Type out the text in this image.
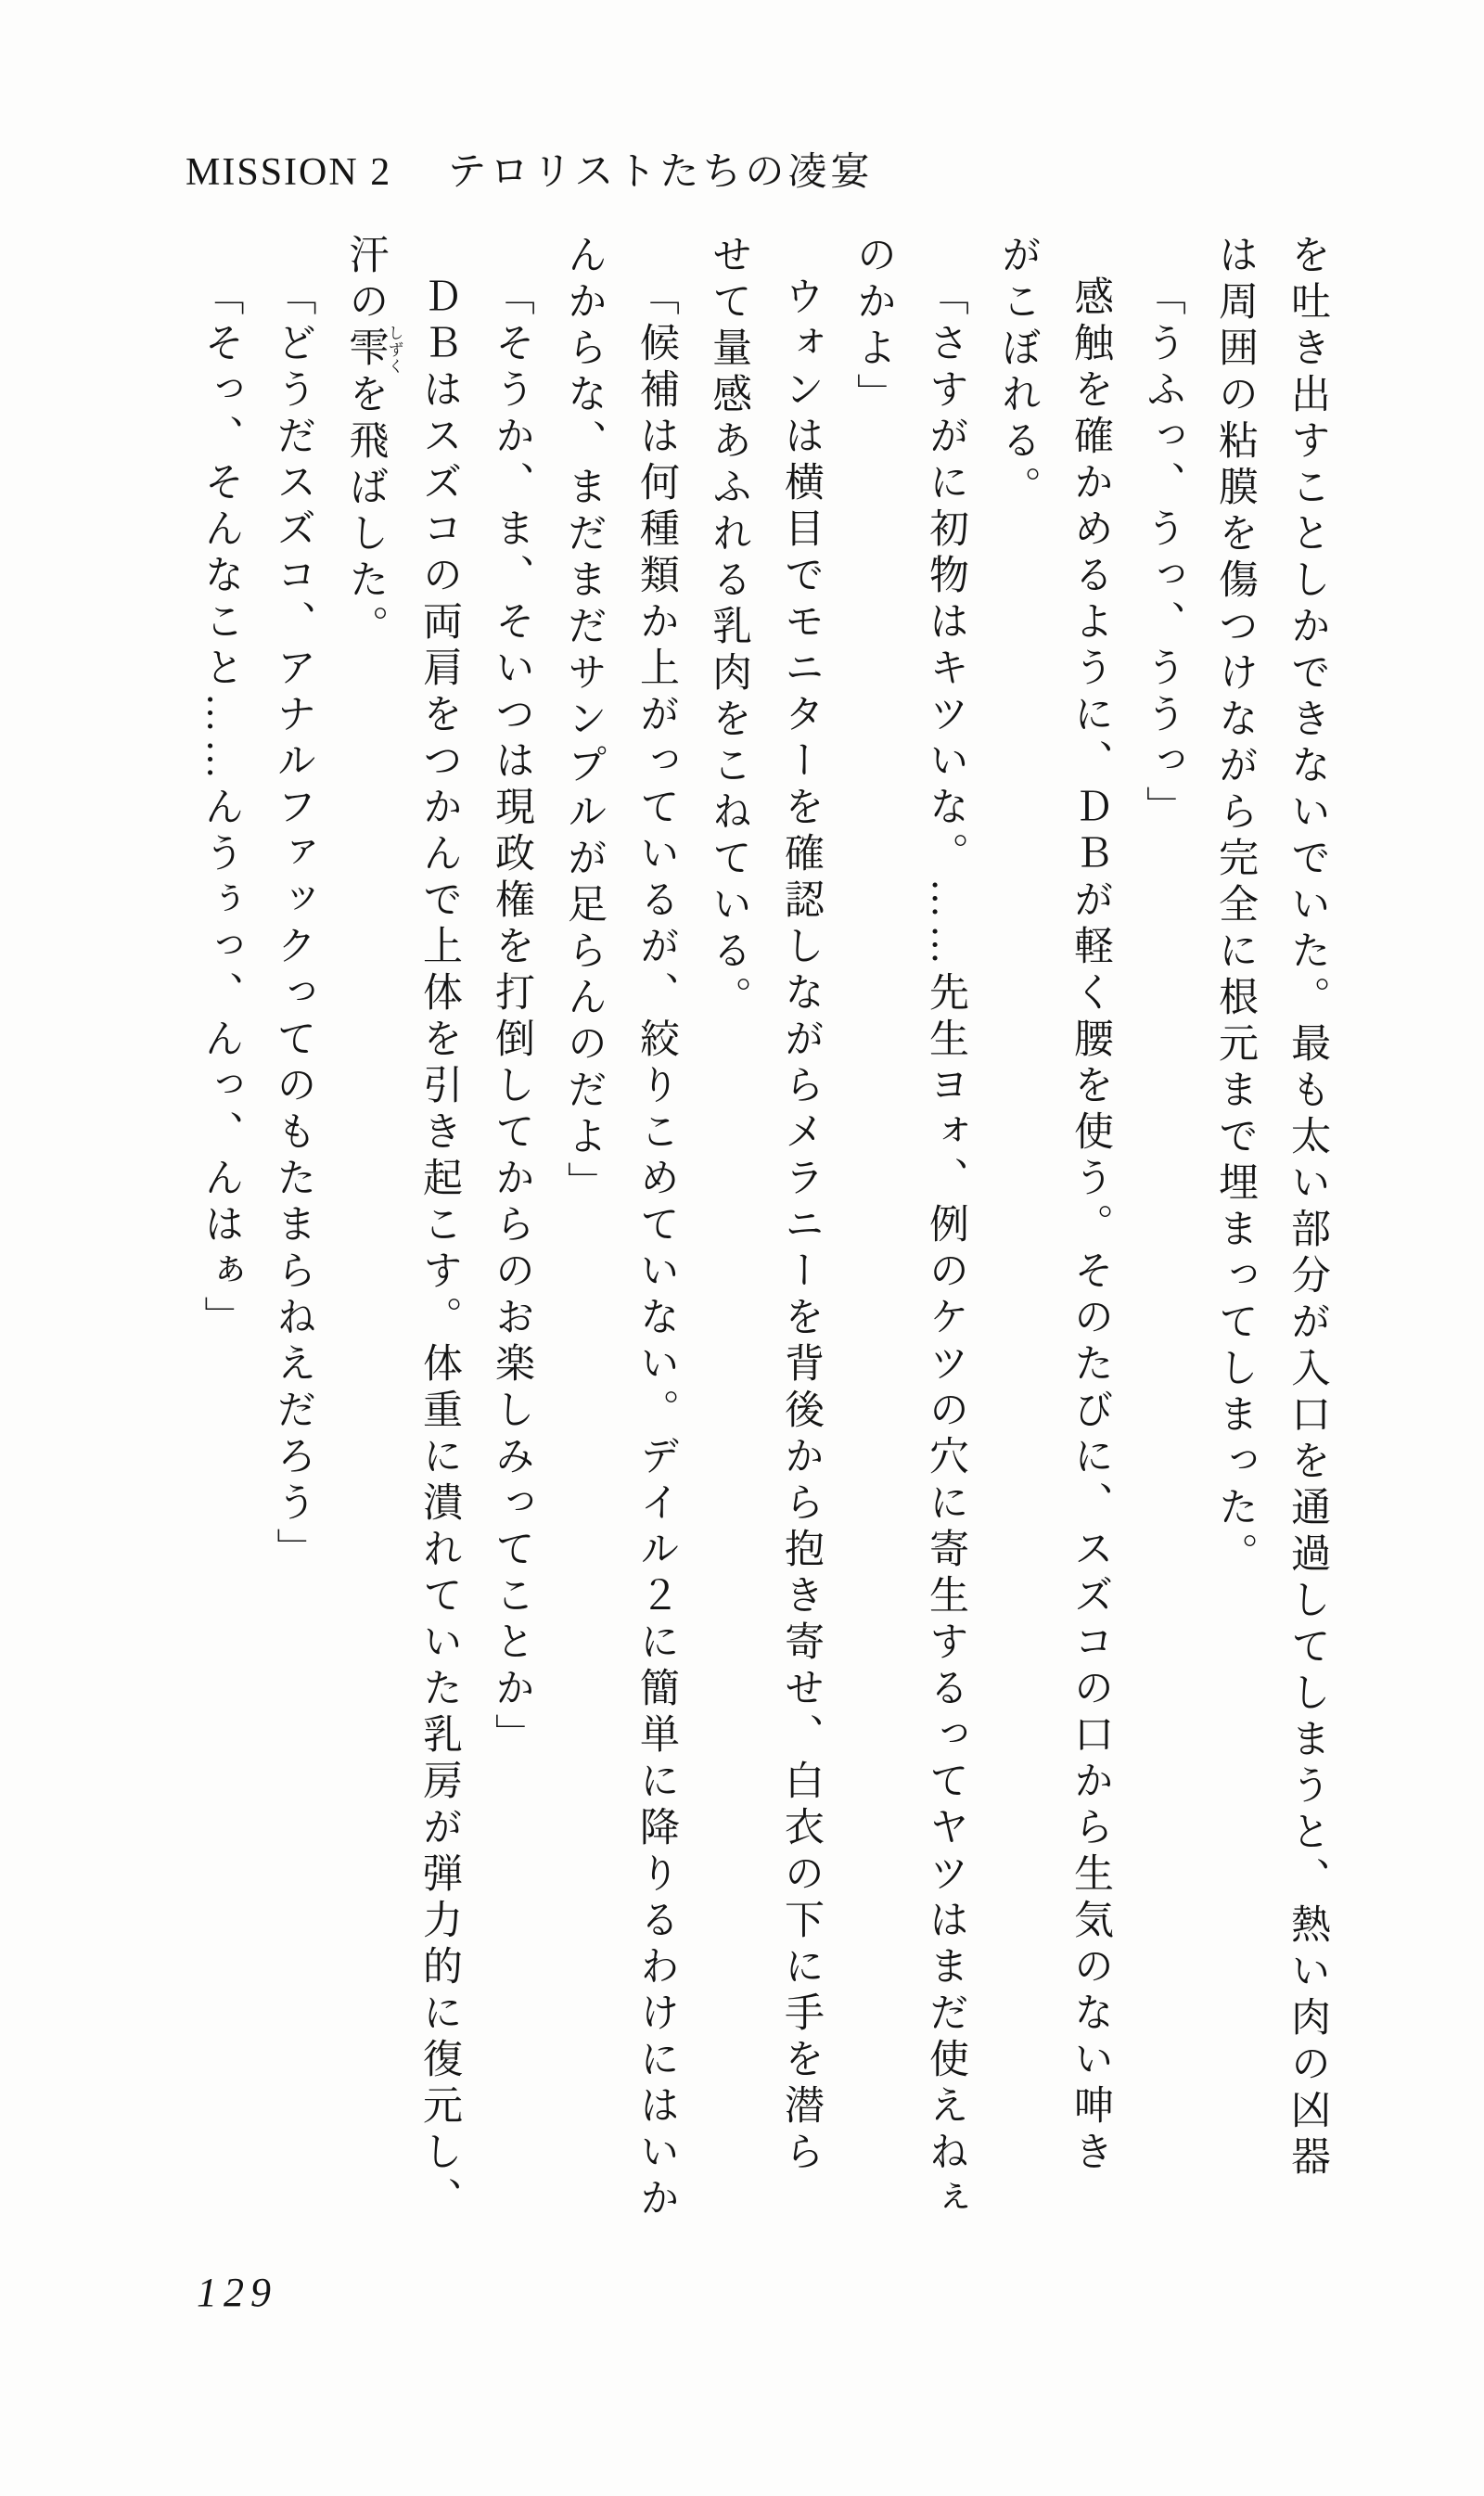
MISSION 2 テロリストたちの凌宴
を吐き出すことしかできないでいた。最も太い部分が入口を通過してしまうと、熱い肉の凶器
は周囲の粘膜を傷つけながら完全に根元まで埋まってしまった。
「うふっ、うっ、ううっ」
感触を確かめるように、ＤＢが軽く腰を使う。そのたびに、スズコの口から生気のない呻き
がこぼれる。
「さすがに初物はキツいな。……先生ヨォ、例のケツの穴に寄生するってヤツはまだ使えねぇ
のかよ」
ウォンは横目でモニターを確認しながらメラニーを背後から抱き寄せ、白衣の下に手を潜ら
せて量感あふれる乳肉をこねている。
「候補は何種類か上がっているが、絞りこめていない。デイル２に簡単に降りるわけにはいか
んからな、まだまだサンプルが足らんのだよ」
「そうか、ま、そいつは現政権を打倒してからのお楽しみってことか」
ＤＢはスズコの両肩をつかんで上体を引き起こす。体重に潰れていた乳房が弾力的に復元し、
汗の雫しずくを飛ばした。
「どうだスズコ、アナルファックってのもたまらねえだろう」
「そっ、そんなこと……んうぅっ、んっ、んはぁ」
129
